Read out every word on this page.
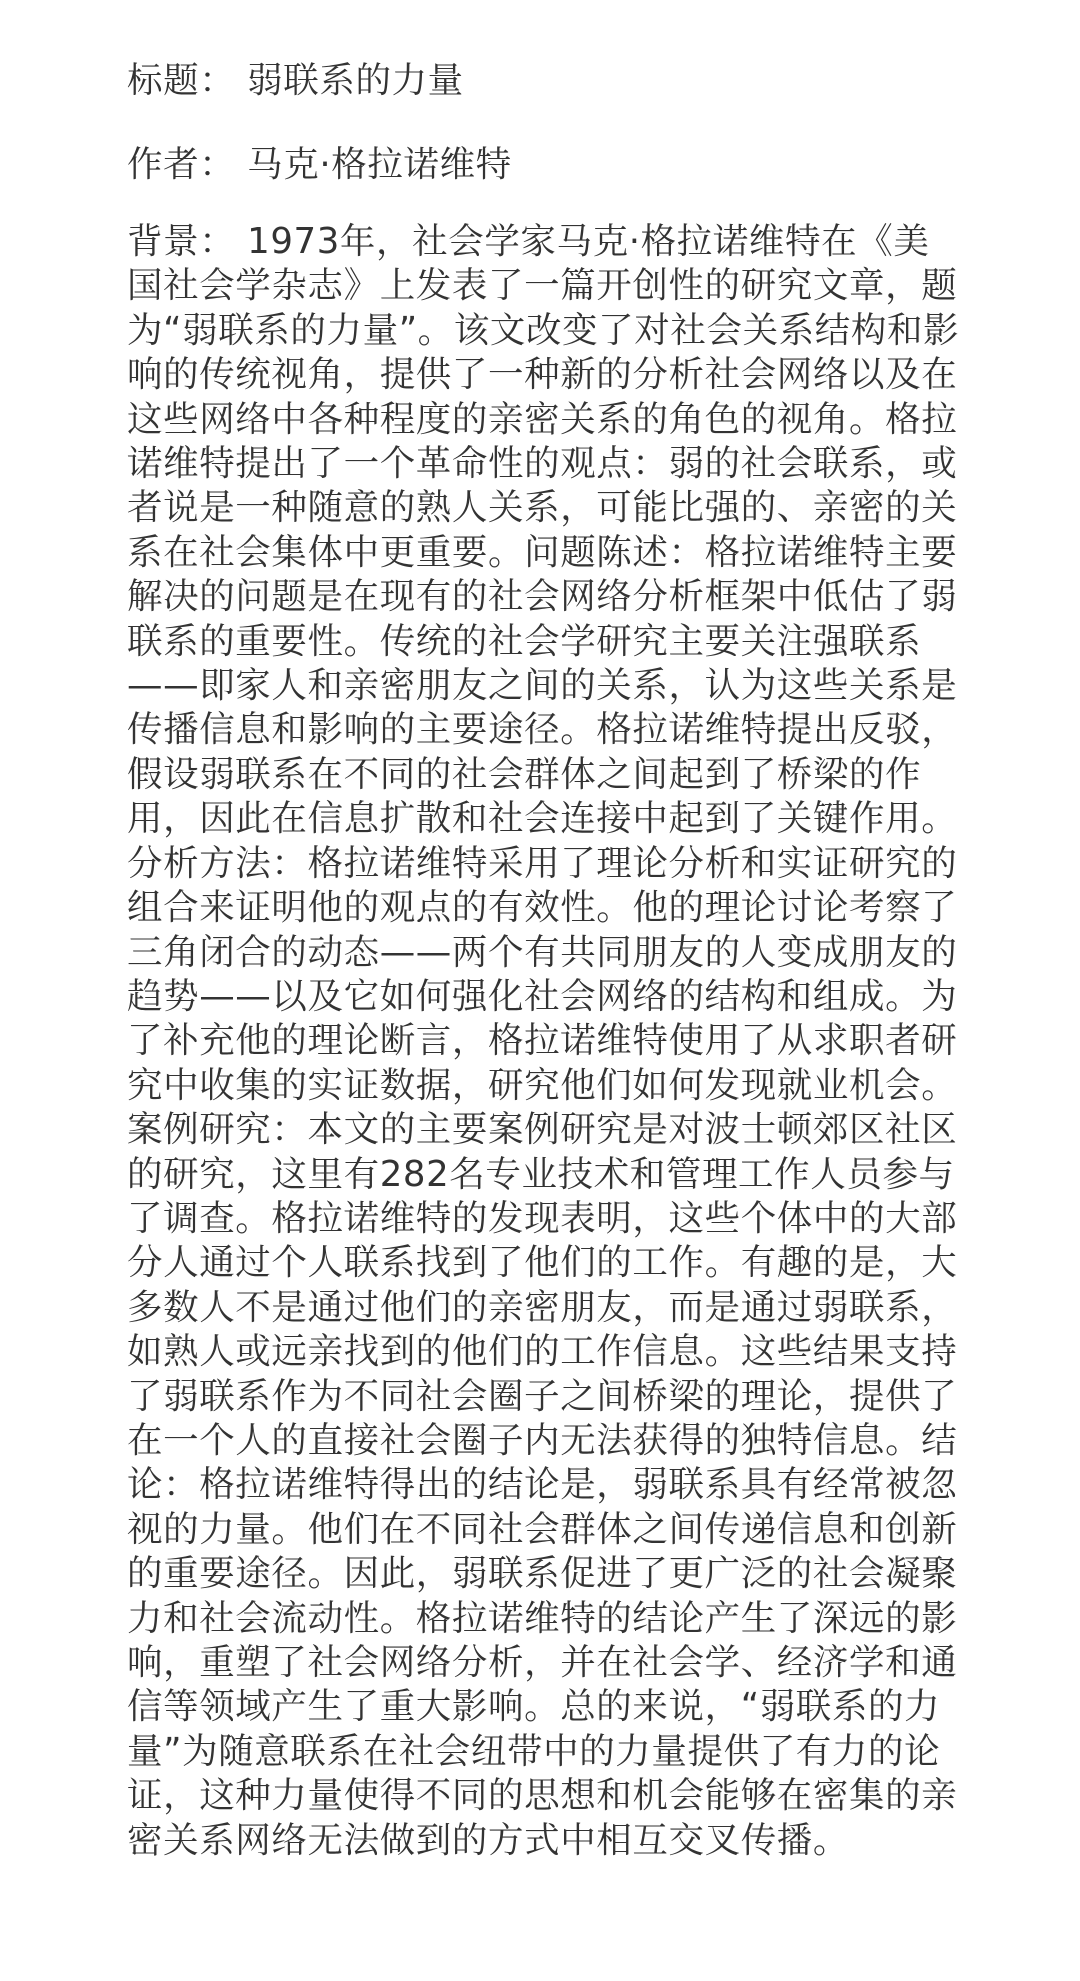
标题： 弱联系的力量

作者： 马克·格拉诺维特

背景： 1973年，社会学家马克·格拉诺维特在《美国社会学杂志》上发表了一篇开创性的研究文章，题为“弱联系的力量”。该文改变了对社会关系结构和影响的传统视角，提供了一种新的分析社会网络以及在这些网络中各种程度的亲密关系的角色的视角。格拉诺维特提出了一个革命性的观点：弱的社会联系，或者说是一种随意的熟人关系，可能比强的、亲密的关系在社会集体中更重要。问题陈述：格拉诺维特主要解决的问题是在现有的社会网络分析框架中低估了弱联系的重要性。传统的社会学研究主要关注强联系——即家人和亲密朋友之间的关系，认为这些关系是传播信息和影响的主要途径。格拉诺维特提出反驳，假设弱联系在不同的社会群体之间起到了桥梁的作用，因此在信息扩散和社会连接中起到了关键作用。分析方法：格拉诺维特采用了理论分析和实证研究的组合来证明他的观点的有效性。他的理论讨论考察了三角闭合的动态——两个有共同朋友的人变成朋友的趋势——以及它如何强化社会网络的结构和组成。为了补充他的理论断言，格拉诺维特使用了从求职者研究中收集的实证数据，研究他们如何发现就业机会。案例研究：本文的主要案例研究是对波士顿郊区社区的研究，这里有282名专业技术和管理工作人员参与了调查。格拉诺维特的发现表明，这些个体中的大部分人通过个人联系找到了他们的工作。有趣的是，大多数人不是通过他们的亲密朋友，而是通过弱联系，如熟人或远亲找到的他们的工作信息。这些结果支持了弱联系作为不同社会圈子之间桥梁的理论，提供了在一个人的直接社会圈子内无法获得的独特信息。结论：格拉诺维特得出的结论是，弱联系具有经常被忽视的力量。他们在不同社会群体之间传递信息和创新的重要途径。因此，弱联系促进了更广泛的社会凝聚力和社会流动性。格拉诺维特的结论产生了深远的影响，重塑了社会网络分析，并在社会学、经济学和通信等领域产生了重大影响。总的来说，“弱联系的力量”为随意联系在社会纽带中的力量提供了有力的论证，这种力量使得不同的思想和机会能够在密集的亲密关系网络无法做到的方式中相互交叉传播。
